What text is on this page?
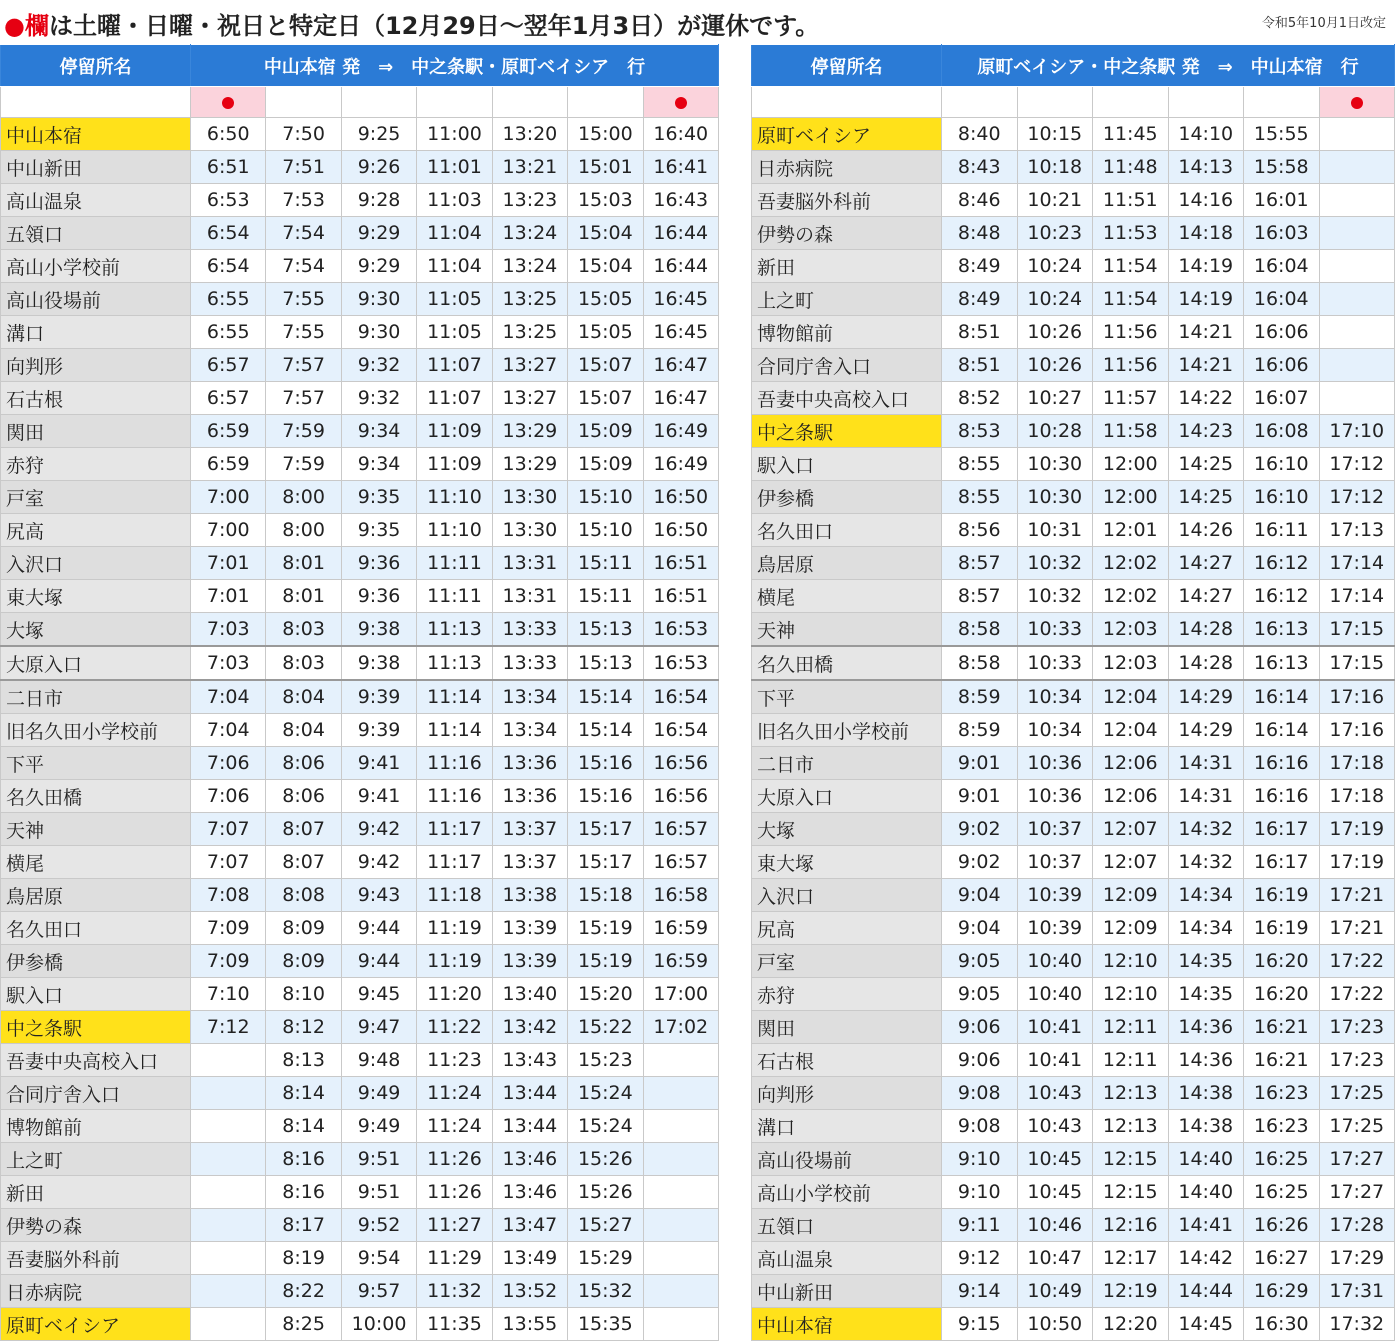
●欄は土曜・日曜・祝日と特定日（12月29日～翌年1月3日）が運休です。	令和5年10月1日改定
停留所名	中山本宿 発　⇒　中之条駅・原町ベイシア　行						

中山本宿	6:50	7:50	9:25	11:00	13:20	15:00	16:40
中山新田	6:51	7:51	9:26	11:01	13:21	15:01	16:41
高山温泉	6:53	7:53	9:28	11:03	13:23	15:03	16:43
五領口	6:54	7:54	9:29	11:04	13:24	15:04	16:44
高山小学校前	6:54	7:54	9:29	11:04	13:24	15:04	16:44
高山役場前	6:55	7:55	9:30	11:05	13:25	15:05	16:45
溝口	6:55	7:55	9:30	11:05	13:25	15:05	16:45
向判形	6:57	7:57	9:32	11:07	13:27	15:07	16:47
石古根	6:57	7:57	9:32	11:07	13:27	15:07	16:47
関田	6:59	7:59	9:34	11:09	13:29	15:09	16:49
赤狩	6:59	7:59	9:34	11:09	13:29	15:09	16:49
戸室	7:00	8:00	9:35	11:10	13:30	15:10	16:50
尻高	7:00	8:00	9:35	11:10	13:30	15:10	16:50
入沢口	7:01	8:01	9:36	11:11	13:31	15:11	16:51
東大塚	7:01	8:01	9:36	11:11	13:31	15:11	16:51
大塚	7:03	8:03	9:38	11:13	13:33	15:13	16:53
大原入口	7:03	8:03	9:38	11:13	13:33	15:13	16:53
二日市	7:04	8:04	9:39	11:14	13:34	15:14	16:54
旧名久田小学校前	7:04	8:04	9:39	11:14	13:34	15:14	16:54
下平	7:06	8:06	9:41	11:16	13:36	15:16	16:56
名久田橋	7:06	8:06	9:41	11:16	13:36	15:16	16:56
天神	7:07	8:07	9:42	11:17	13:37	15:17	16:57
横尾	7:07	8:07	9:42	11:17	13:37	15:17	16:57
鳥居原	7:08	8:08	9:43	11:18	13:38	15:18	16:58
名久田口	7:09	8:09	9:44	11:19	13:39	15:19	16:59
伊参橋	7:09	8:09	9:44	11:19	13:39	15:19	16:59
駅入口	7:10	8:10	9:45	11:20	13:40	15:20	17:00
中之条駅	7:12	8:12	9:47	11:22	13:42	15:22	17:02
吾妻中央高校入口		8:13	9:48	11:23	13:43	15:23	
合同庁舎入口		8:14	9:49	11:24	13:44	15:24	
博物館前		8:14	9:49	11:24	13:44	15:24	
上之町		8:16	9:51	11:26	13:46	15:26	
新田		8:16	9:51	11:26	13:46	15:26	
伊勢の森		8:17	9:52	11:27	13:47	15:27	
吾妻脳外科前		8:19	9:54	11:29	13:49	15:29	
日赤病院		8:22	9:57	11:32	13:52	15:32	
原町ベイシア		8:25	10:00	11:35	13:55	15:35	
停留所名	原町ベイシア・中之条駅 発　⇒　中山本宿　行					

原町ベイシア	8:40	10:15	11:45	14:10	15:55	
日赤病院	8:43	10:18	11:48	14:13	15:58	
吾妻脳外科前	8:46	10:21	11:51	14:16	16:01	
伊勢の森	8:48	10:23	11:53	14:18	16:03	
新田	8:49	10:24	11:54	14:19	16:04	
上之町	8:49	10:24	11:54	14:19	16:04	
博物館前	8:51	10:26	11:56	14:21	16:06	
合同庁舎入口	8:51	10:26	11:56	14:21	16:06	
吾妻中央高校入口	8:52	10:27	11:57	14:22	16:07	
中之条駅	8:53	10:28	11:58	14:23	16:08	17:10
駅入口	8:55	10:30	12:00	14:25	16:10	17:12
伊参橋	8:55	10:30	12:00	14:25	16:10	17:12
名久田口	8:56	10:31	12:01	14:26	16:11	17:13
鳥居原	8:57	10:32	12:02	14:27	16:12	17:14
横尾	8:57	10:32	12:02	14:27	16:12	17:14
天神	8:58	10:33	12:03	14:28	16:13	17:15
名久田橋	8:58	10:33	12:03	14:28	16:13	17:15
下平	8:59	10:34	12:04	14:29	16:14	17:16
旧名久田小学校前	8:59	10:34	12:04	14:29	16:14	17:16
二日市	9:01	10:36	12:06	14:31	16:16	17:18
大原入口	9:01	10:36	12:06	14:31	16:16	17:18
大塚	9:02	10:37	12:07	14:32	16:17	17:19
東大塚	9:02	10:37	12:07	14:32	16:17	17:19
入沢口	9:04	10:39	12:09	14:34	16:19	17:21
尻高	9:04	10:39	12:09	14:34	16:19	17:21
戸室	9:05	10:40	12:10	14:35	16:20	17:22
赤狩	9:05	10:40	12:10	14:35	16:20	17:22
関田	9:06	10:41	12:11	14:36	16:21	17:23
石古根	9:06	10:41	12:11	14:36	16:21	17:23
向判形	9:08	10:43	12:13	14:38	16:23	17:25
溝口	9:08	10:43	12:13	14:38	16:23	17:25
高山役場前	9:10	10:45	12:15	14:40	16:25	17:27
高山小学校前	9:10	10:45	12:15	14:40	16:25	17:27
五領口	9:11	10:46	12:16	14:41	16:26	17:28
高山温泉	9:12	10:47	12:17	14:42	16:27	17:29
中山新田	9:14	10:49	12:19	14:44	16:29	17:31
中山本宿	9:15	10:50	12:20	14:45	16:30	17:32
